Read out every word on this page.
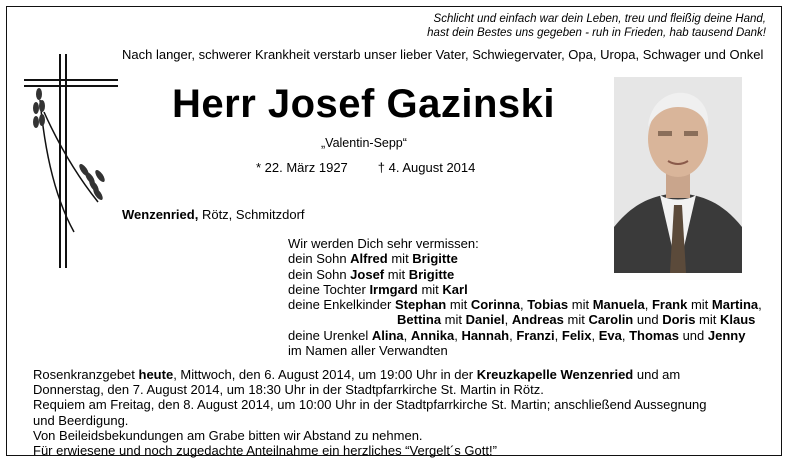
Schlicht und einfach war dein Leben, treu und fleißig deine Hand,
hast dein Bestes uns gegeben - ruh in Frieden, hab tausend Dank!
Nach langer, schwerer Krankheit verstarb unser lieber Vater, Schwiegervater, Opa, Uropa, Schwager und Onkel
Herr Josef Gazinski
„Valentin-Sepp“
* 22. März 1927 † 4. August 2014
Wenzenried, Rötz, Schmitzdorf
Wir werden Dich sehr vermissen:
dein Sohn Alfred mit Brigitte
dein Sohn Josef mit Brigitte
deine Tochter Irmgard mit Karl
deine Enkelkinder Stephan mit Corinna, Tobias mit Manuela, Frank mit Martina,
Bettina mit Daniel, Andreas mit Carolin und Doris mit Klaus
deine Urenkel Alina, Annika, Hannah, Franzi, Felix, Eva, Thomas und Jenny
im Namen aller Verwandten
Rosenkranzgebet heute, Mittwoch, den 6. August 2014, um 19:00 Uhr in der Kreuzkapelle Wenzenried und am
Donnerstag, den 7. August 2014, um 18:30 Uhr in der Stadtpfarrkirche St. Martin in Rötz.
Requiem am Freitag, den 8. August 2014, um 10:00 Uhr in der Stadtpfarrkirche St. Martin; anschließend Aussegnung
und Beerdigung.
Von Beileidsbekundungen am Grabe bitten wir Abstand zu nehmen.
Für erwiesene und noch zugedachte Anteilnahme ein herzliches “Vergelt´s Gott!”
